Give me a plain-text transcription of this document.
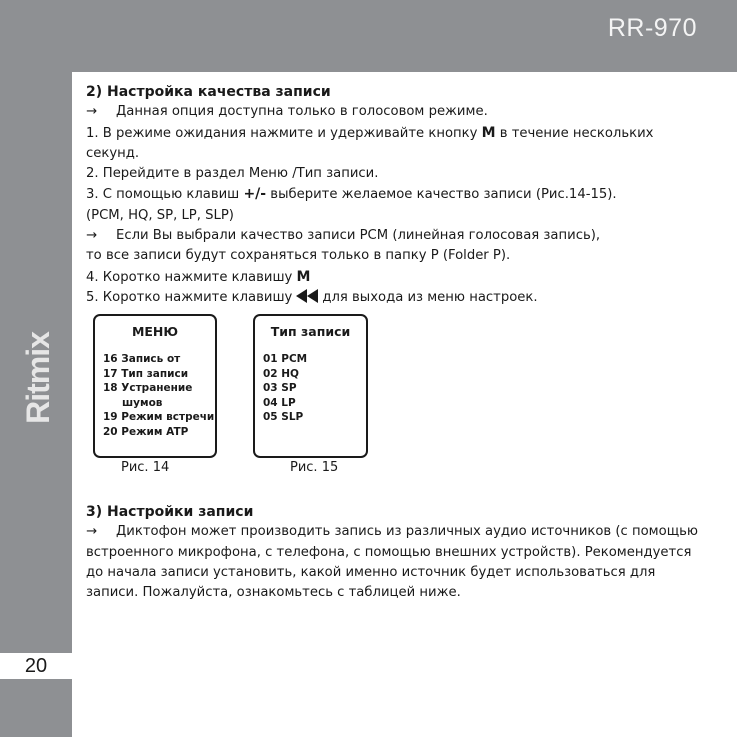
RR-970
Ritmix
20
2) Настройка качества записи
→ Данная опция доступна только в голосовом режиме.
1. В режиме ожидания нажмите и удерживайте кнопку M в течение нескольких
секунд.
2. Перейдите в раздел Меню /Тип записи.
3. С помощью клавиш +/- выберите желаемое качество записи (Рис.14-15).
(PCM, HQ, SP, LP, SLP)
→ Если Вы выбрали качество записи PCM (линейная голосовая запись),
то все записи будут сохраняться только в папку P (Folder P).
4. Коротко нажмите клавишу M
5. Коротко нажмите клавишу для выхода из меню настроек.
МЕНЮ
16 Запись от
17 Тип записи
18 Устранение
шумов
19 Режим встречи
20 Режим ATP
Рис. 14
Тип записи
01 PCM
02 HQ
03 SP
04 LP
05 SLP
Рис. 15
3) Настройки записи
→ Диктофон может производить запись из различных аудио источников (с помощью
встроенного микрофона, с телефона, с помощью внешних устройств). Рекомендуется
до начала записи установить, какой именно источник будет использоваться для
записи. Пожалуйста, ознакомьтесь с таблицей ниже.
